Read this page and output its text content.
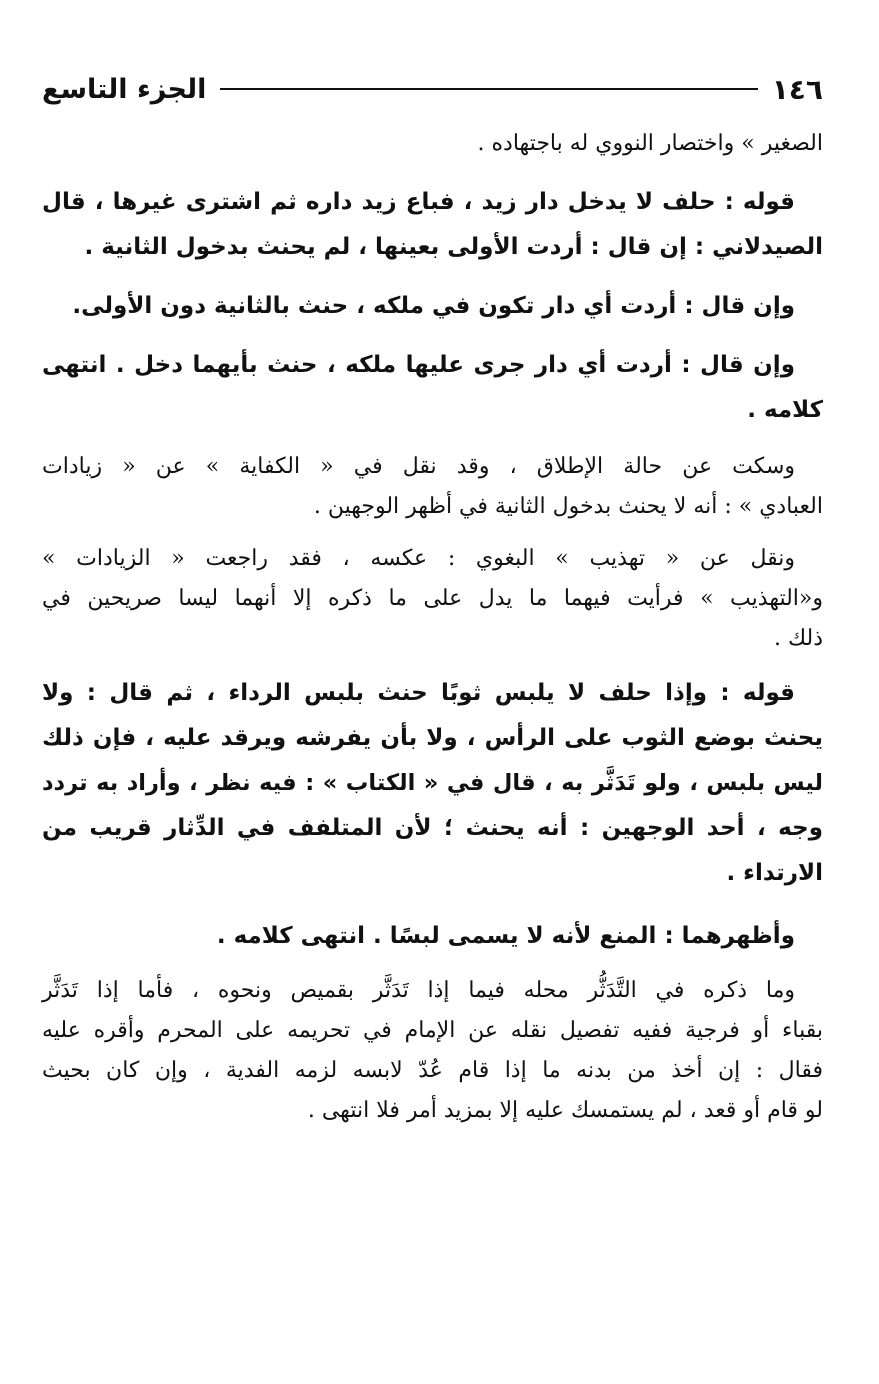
الجزء التاسع	١٤٦
الصغير » واختصار النووي له باجتهاده .
قوله : حلف لا يدخل دار زيد ، فباع زيد داره ثم اشترى غيرها ، قال
الصيدلاني : إن قال : أردت الأولى بعينها ، لم يحنث بدخول الثانية .
وإن قال : أردت أي دار تكون في ملكه ، حنث بالثانية دون الأولى.
وإن قال : أردت أي دار جرى عليها ملكه ، حنث بأيهما دخل . انتهى
كلامه .
وسكت عن حالة الإطلاق ، وقد نقل في « الكفاية » عن « زيادات
العبادي » : أنه لا يحنث بدخول الثانية في أظهر الوجهين .
ونقل عن « تهذيب » البغوي : عكسه ، فقد راجعت « الزيادات »
و«التهذيب » فرأيت فيهما ما يدل على ما ذكره إلا أنهما ليسا صريحين في
ذلك .
قوله : وإذا حلف لا يلبس ثوبًا حنث بلبس الرداء ، ثم قال : ولا
يحنث بوضع الثوب على الرأس ، ولا بأن يفرشه ويرقد عليه ، فإن ذلك
ليس بلبس ، ولو تَدَثَّر به ، قال في « الكتاب » : فيه نظر ، وأراد به تردد
وجه ، أحد الوجهين : أنه يحنث ؛ لأن المتلفف في الدِّثار قريب من
الارتداء .
وأظهرهما : المنع لأنه لا يسمى لبسًا . انتهى كلامه .
وما ذكره في التَّدَثُّر محله فيما إذا تَدَثَّر بقميص ونحوه ، فأما إذا تَدَثَّر
بقباء أو فرجية ففيه تفصيل نقله عن الإمام في تحريمه على المحرم وأقره عليه
فقال : إن أخذ من بدنه ما إذا قام عُدّ لابسه لزمه الفدية ، وإن كان بحيث
لو قام أو قعد ، لم يستمسك عليه إلا بمزيد أمر فلا انتهى .
